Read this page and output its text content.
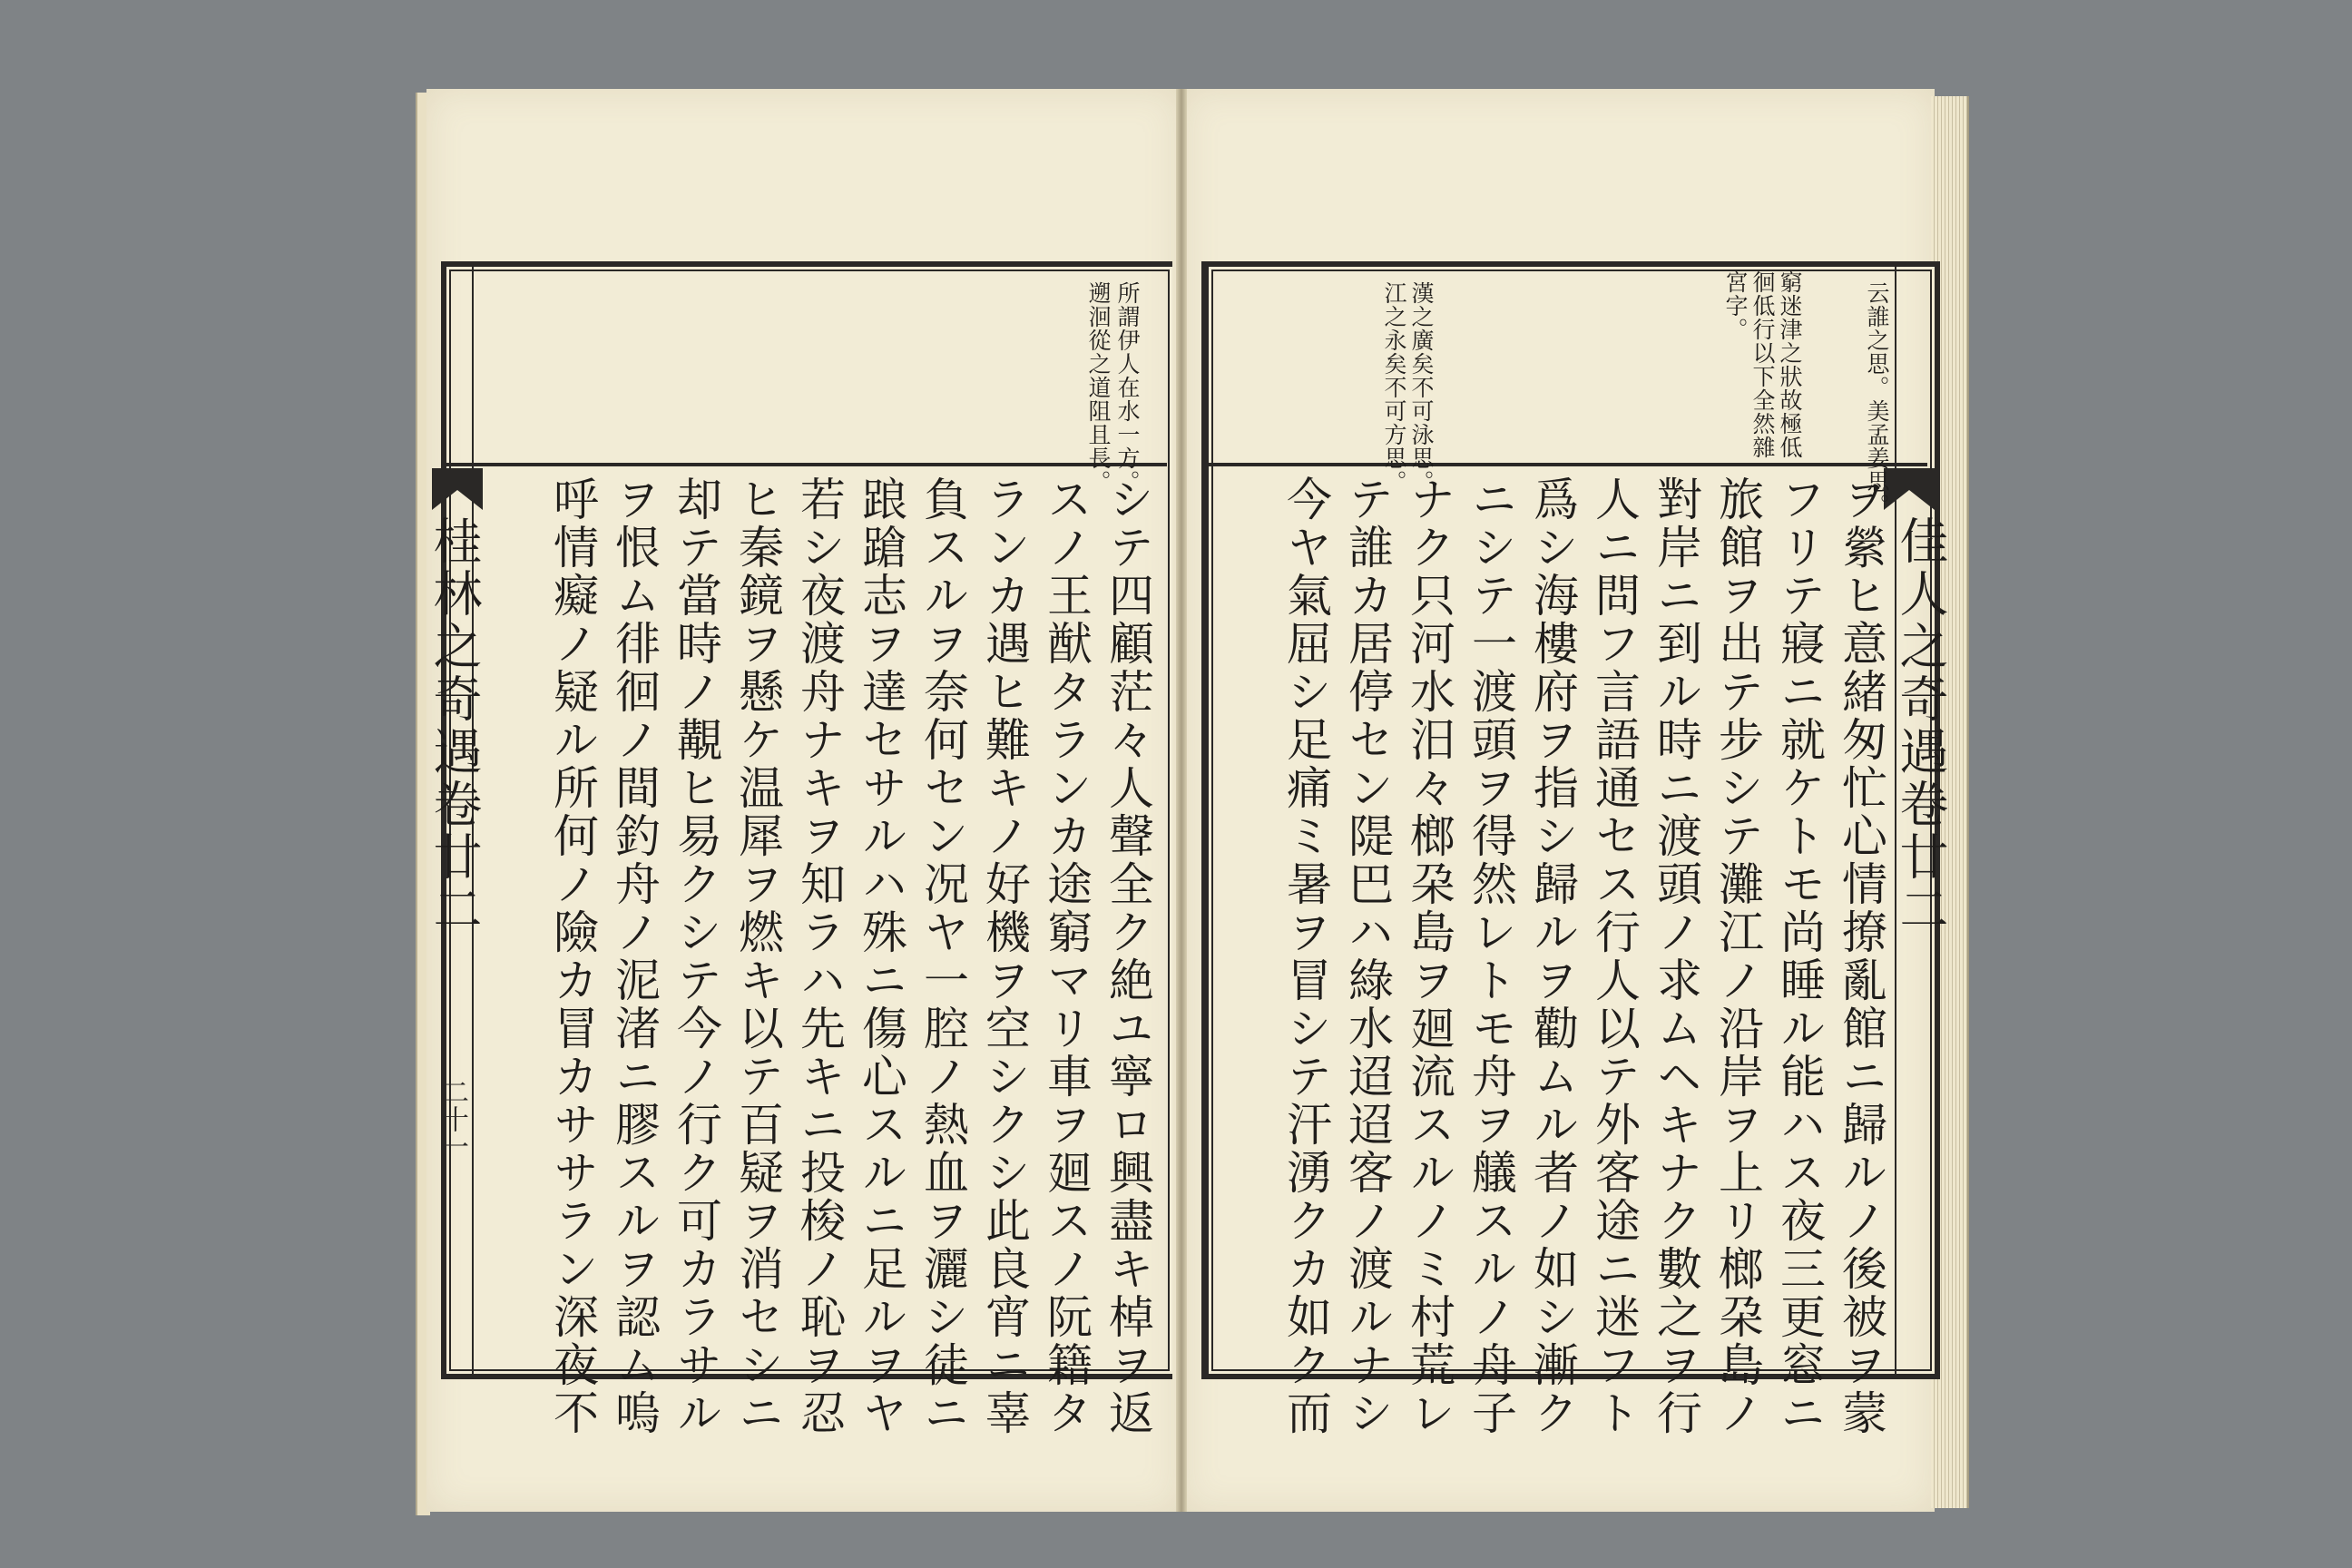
桂林之奇遇卷廿二
二十一
所謂伊人在水一方。
遡洄從之道阻且長。
シテ四顧茫々人聲全ク絶ユ寧ロ興盡キ棹ヲ返
スノ王猷タランカ途窮マリ車ヲ廻スノ阮籍タ
ランカ遇ヒ難キノ好機ヲ空シクシ此良宵ニ辜
負スルヲ奈何セン况ヤ一腔ノ熱血ヲ灑シ徒ニ
踉蹌志ヲ達セサルハ殊ニ傷心スルニ足ルヲヤ
若シ夜渡舟ナキヲ知ラハ先キニ投梭ノ恥ヲ忍
ヒ秦鏡ヲ懸ケ温犀ヲ燃キ以テ百疑ヲ消セシニ
却テ當時ノ覯ヒ易クシテ今ノ行ク可カラサル
ヲ恨ム徘徊ノ間釣舟ノ泥渚ニ膠スルヲ認ム嗚
呼情癡ノ疑ル所何ノ險カ冒カササラン深夜不	佳人之奇遇卷廿二
云誰之思。美孟姜思。
窮迷津之狀故極低
徊低行以下全然雜
宮字。
漢之廣矣不可泳思。
江之永矣不可方思。
ヲ縈ヒ意緒匆忙心情撩亂館ニ歸ルノ後被ヲ蒙
フリテ寢ニ就ケトモ尚睡ル能ハス夜三更窓ニ
旅館ヲ出テ步シテ灘江ノ沿岸ヲ上リ榔朶島ノ
對岸ニ到ル時ニ渡頭ノ求ムヘキナク數之ヲ行
人ニ問フ言語通セス行人以テ外客途ニ迷フト
爲シ海樓府ヲ指シ歸ルヲ勸ムル者ノ如シ漸ク
ニシテ一渡頭ヲ得然レトモ舟ヲ艤スルノ舟子
ナク只河水汨々榔朶島ヲ廻流スルノミ村荒レ
テ誰カ居停セン隄巴ハ綠水迢迢客ノ渡ルナシ
今ヤ氣屈シ足痛ミ暑ヲ冒シテ汗湧クカ如ク而
